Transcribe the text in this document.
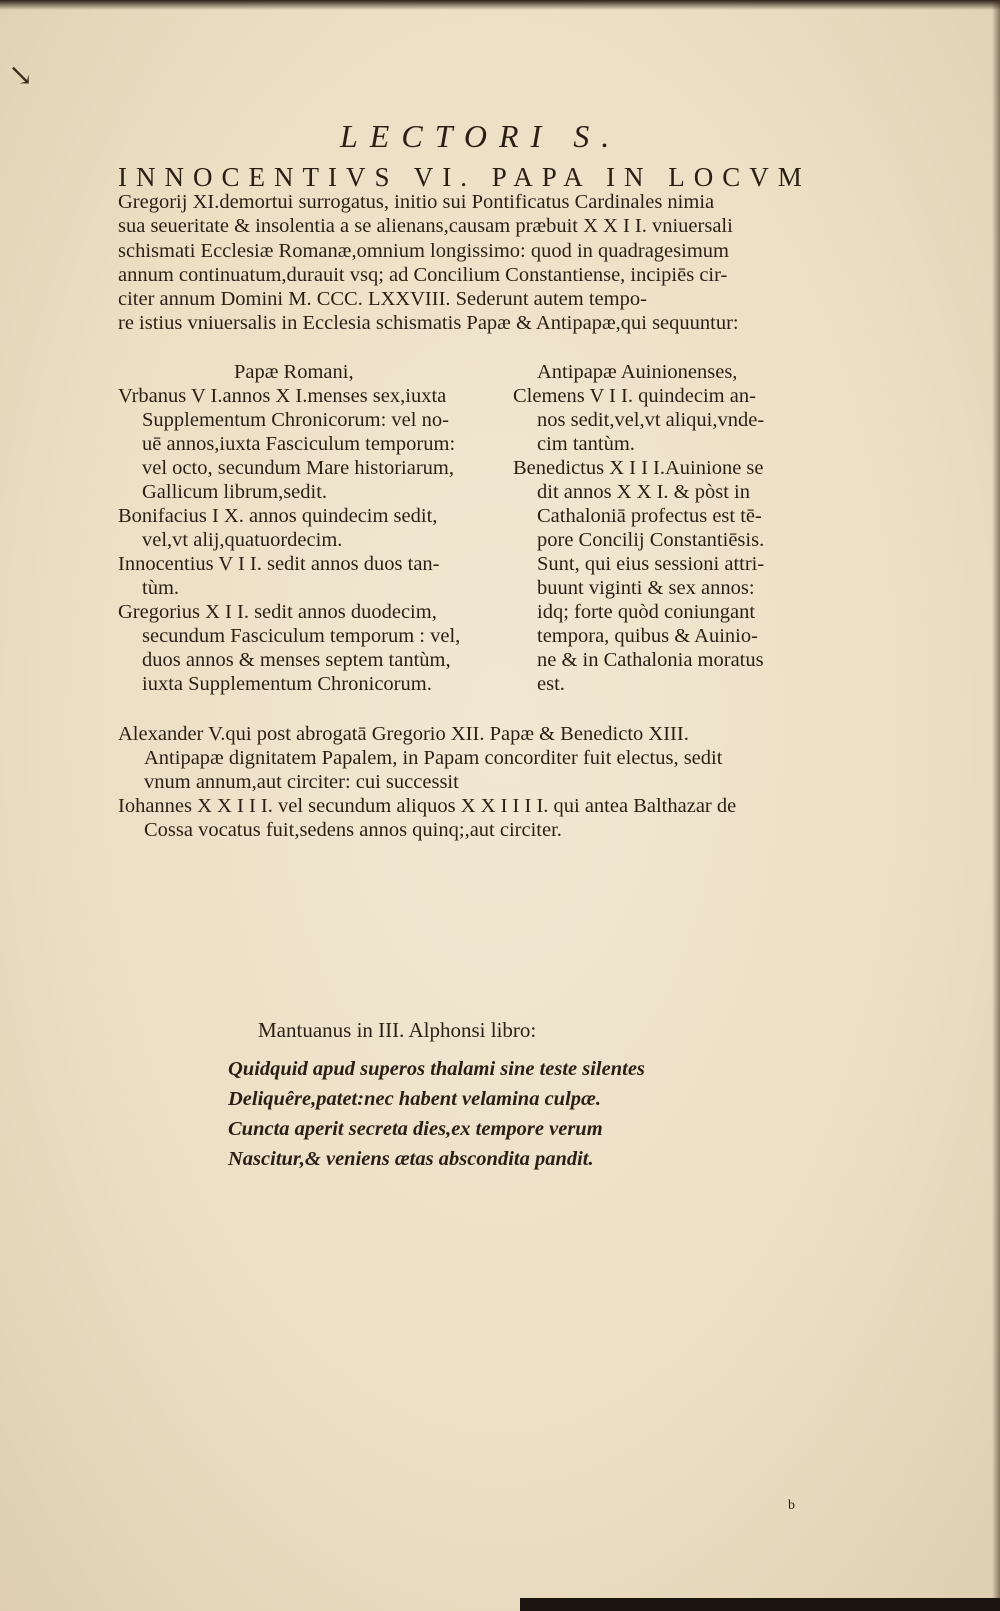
↘
LECTORI S.
INNOCENTIVS VI. PAPA IN LOCVM
Gregorij XI.demortui surrogatus, initio sui Pontificatus Cardinales nimia
sua seueritate & insolentia a se alienans,causam præbuit X X I I. vniuersali
schismati Ecclesiæ Romanæ,omnium longissimo: quod in quadragesimum
annum continuatum,durauit vsq; ad Concilium Constantiense, incipiēs cir-
citer annum Domini M. CCC. LXXVIII. Sederunt autem tempo-
re istius vniuersalis in Ecclesia schismatis Papæ & Antipapæ,qui sequuntur:
Papæ Romani,
Vrbanus V I.annos X I.menses sex,iuxta
Supplementum Chronicorum: vel no-
uē annos,iuxta Fasciculum temporum:
vel octo, secundum Mare historiarum,
Gallicum librum,sedit.
Bonifacius I X. annos quindecim sedit,
vel,vt alij,quatuordecim.
Innocentius V I I. sedit annos duos tan-
tùm.
Gregorius X I I. sedit annos duodecim,
secundum Fasciculum temporum : vel,
duos annos & menses septem tantùm,
iuxta Supplementum Chronicorum.
Antipapæ Auinionenses,
Clemens V I I. quindecim an-
nos sedit,vel,vt aliqui,vnde-
cim tantùm.
Benedictus X I I I.Auinione se
dit annos X X I. & pòst in
Cathaloniā profectus est tē-
pore Concilij Constantiēsis.
Sunt, qui eius sessioni attri-
buunt viginti & sex annos:
idq; forte quòd coniungant
tempora, quibus & Auinio-
ne & in Cathalonia moratus
est.
Alexander V.qui post abrogatā Gregorio XII. Papæ & Benedicto XIII.
Antipapæ dignitatem Papalem, in Papam concorditer fuit electus, sedit
vnum annum,aut circiter: cui successit
Iohannes X X I I I. vel secundum aliquos X X I I I I. qui antea Balthazar de
Cossa vocatus fuit,sedens annos quinq;,aut circiter.
Mantuanus in III. Alphonsi libro:
Quidquid apud superos thalami sine teste silentes
Deliquêre,patet:nec habent velamina culpæ.
Cuncta aperit secreta dies,ex tempore verum
Nascitur,& veniens ætas abscondita pandit.
b
